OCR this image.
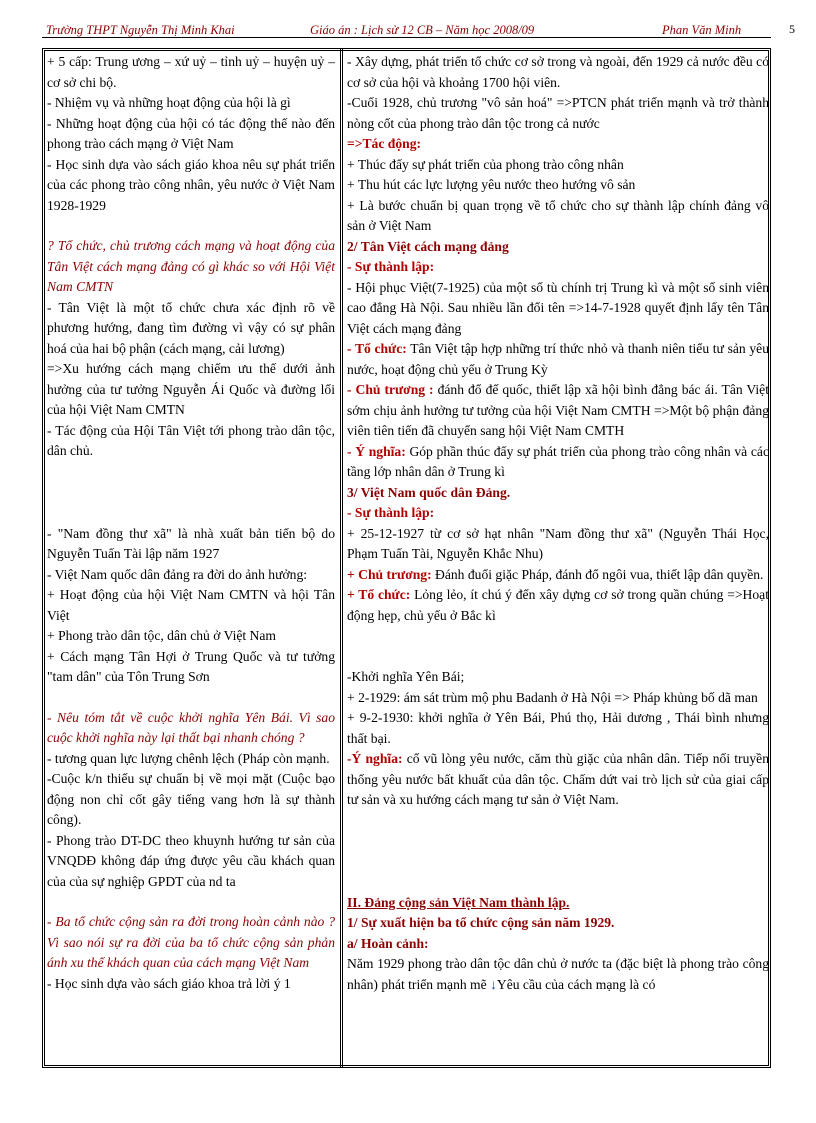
Trường THPT Nguyễn Thị Minh Khai	Giáo án : Lịch sử 12 CB – Năm học 2008/09	Phan Văn Minh	5

+ 5 cấp: Trung ương – xứ uỷ – tỉnh uỷ – huyện uỷ – cơ sở chi bộ.

- Nhiệm vụ và những hoạt động của hội là gì

- Những hoạt động của hội có tác động thế nào đến phong trào cách mạng ở Việt Nam

- Học sinh dựa vào sách giáo khoa nêu sự phát triển của các phong trào công nhân, yêu nước ở Việt Nam 1928-1929

? Tổ chức, chủ trương cách mạng và hoạt động của Tân Việt cách mạng đảng có gì khác so với Hội Việt Nam CMTN

- Tân Việt là một tổ chức chưa xác định rõ về phương hướng, đang tìm đường vì vậy có sự phân hoá của hai bộ phận (cách mạng, cải lương)

=>Xu hướng cách mạng chiếm ưu thế dưới ảnh hưởng của tư tưởng Nguyễn Ái Quốc và đường lối của hội Việt Nam CMTN

- Tác động của Hội Tân Việt tới phong trào dân tộc, dân chủ.

- "Nam đồng thư xã" là nhà xuất bản tiến bộ do Nguyễn Tuấn Tài lập năm 1927

- Việt Nam quốc dân đảng ra đời do ảnh hưởng:

+ Hoạt động của hội Việt Nam CMTN và hội Tân Việt

+ Phong trào dân tộc, dân chủ ở Việt Nam

+ Cách mạng Tân Hợi ở Trung Quốc và tư tưởng "tam dân" của Tôn Trung Sơn

- Nêu tóm tắt về cuộc khởi nghĩa Yên Bái. Vì sao cuộc khởi nghĩa này lại thất bại nhanh chóng ?

- tương quan lực lượng chênh lệch (Pháp còn mạnh.

-Cuộc k/n thiếu sự chuẩn bị về mọi mặt (Cuộc bạo động non chỉ cốt gây tiếng vang hơn là sự thành công).

- Phong trào DT-DC theo khuynh hướng tư sản của VNQDĐ không đáp ứng được yêu cầu khách quan của của sự nghiệp GPDT của nd ta

- Ba tổ chức cộng sản ra đời trong hoàn cảnh nào ? Vì sao nói sự ra đời của ba tổ chức cộng sản phản ánh xu thế khách quan của cách mạng Việt Nam

- Học sinh dựa vào sách giáo khoa trả lời ý 1

- Xây dựng, phát triển tổ chức cơ sở trong và ngoài, đến 1929 cả nước đều có cơ sở của hội và khoảng 1700 hội viên.

-Cuối 1928, chủ trương "vô sản hoá" =>PTCN phát triển mạnh và trở thành nòng cốt của phong trào dân tộc trong cả nước

=>Tác động:

+ Thúc đẩy sự phát triển của phong trào công nhân

+ Thu hút các lực lượng yêu nước theo hướng vô sản

+ Là bước chuẩn bị quan trọng về tổ chức cho sự thành lập chính đảng vô sản ở Việt Nam

2/ Tân Việt cách mạng đảng

- Sự thành lập:

- Hội phục Việt(7-1925) của một số tù chính trị Trung kì và một số sinh viên cao đẳng Hà Nội. Sau nhiều lần đổi tên =>14-7-1928 quyết định lấy tên Tân Việt cách mạng đảng

- Tổ chức: Tân Việt tập hợp những trí thức nhỏ và thanh niên tiểu tư sản yêu nước, hoạt động chủ yếu ở Trung Kỳ

- Chủ trương : đánh đổ đế quốc, thiết lập xã hội bình đẳng bác ái. Tân Việt sớm chịu ảnh hưởng tư tưởng của hội Việt Nam CMTH =>Một bộ phận đảng viên tiên tiến đã chuyển sang hội Việt Nam CMTH

- Ý nghĩa: Góp phần thúc đẩy sự phát triển của phong trào công nhân và các tầng lớp nhân dân ở Trung kì

3/ Việt Nam quốc dân Đảng.

- Sự thành lập:

+ 25-12-1927 từ cơ sở hạt nhân "Nam đồng thư xã" (Nguyễn Thái Học, Phạm Tuấn Tài, Nguyễn Khắc Nhu)

+ Chủ trương: Đánh đuổi giặc Pháp, đánh đổ ngôi vua, thiết lập dân quyền.

+ Tổ chức: Lỏng lẻo, ít chú ý đến xây dựng cơ sở trong quần chúng =>Hoạt động hẹp, chủ yếu ở Bắc kì

-Khởi nghĩa Yên Bái;

+ 2-1929: ám sát trùm mộ phu Badanh ở Hà Nội => Pháp khủng bố dã man

+ 9-2-1930: khởi nghĩa ở Yên Bái, Phú thọ, Hải dương , Thái bình nhưng thất bại.

-Ý nghĩa: cổ vũ lòng yêu nước, căm thù giặc của nhân dân. Tiếp nối truyền thống yêu nước bất khuất của dân tộc. Chấm dứt vai trò lịch sử của giai cấp tư sản và xu hướng cách mạng tư sản ở Việt Nam.

II. Đảng cộng sản Việt Nam thành lập.

1/ Sự xuất hiện ba tổ chức cộng sản năm 1929.

a/ Hoàn cảnh:

Năm 1929 phong trào dân tộc dân chủ ở nước ta (đặc biệt là phong trào công nhân) phát triển mạnh mẽ ↓Yêu cầu của cách mạng là có
